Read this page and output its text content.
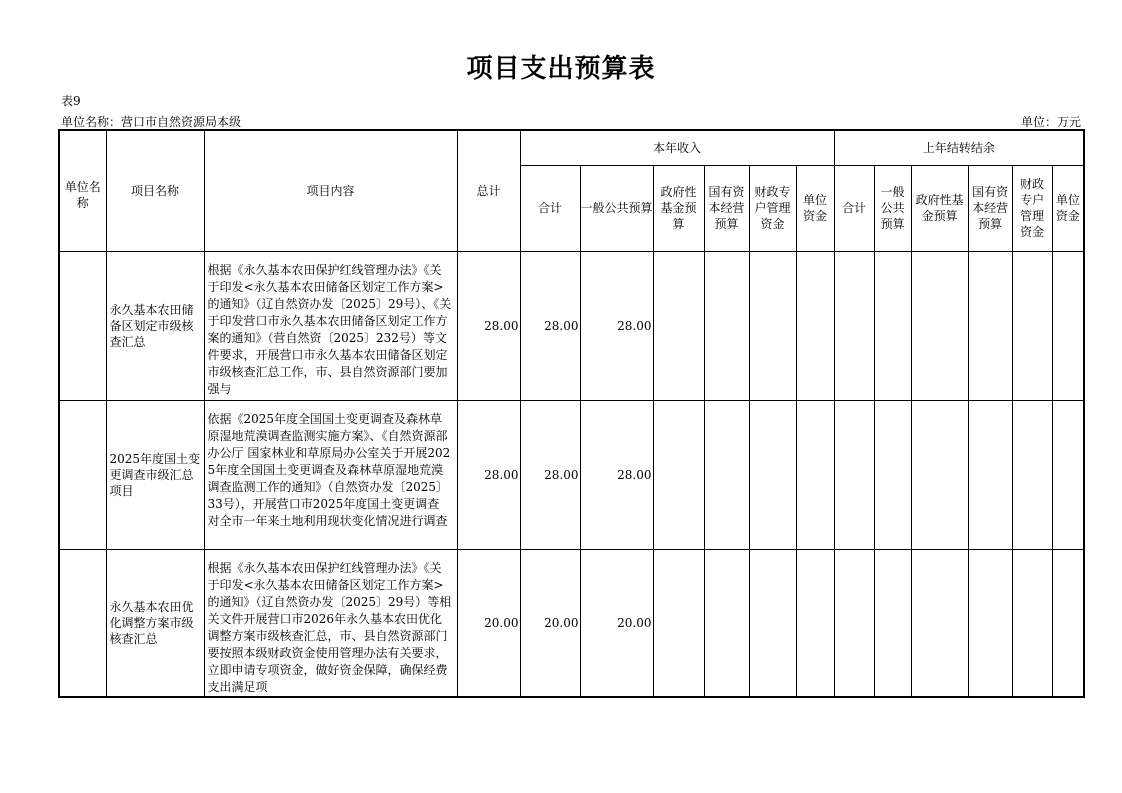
项目支出预算表
表9
单位名称：营口市自然资源局本级	单位：万元
单位名称	项目名称	项目内容	总计	本年收入						上年结转结余					
				合计	一般公共预算	政府性基金预算	国有资本经营预算	财政专户管理资金	单位资金	合计	一般公共预算	政府性基金预算	国有资本经营预算	财政专户管理资金	单位资金
	永久基本农田储备区划定市级核查汇总	根据《永久基本农田保护红线管理办法》《关于印发<永久基本农田储备区划定工作方案>的通知》（辽自然资办发〔2025〕29号）、《关于印发营口市永久基本农田储备区划定工作方案的通知》（营自然资〔2025〕232号）等文件要求，开展营口市永久基本农田储备区划定市级核查汇总工作，市、县自然资源部门要加强与	28.00	28.00	28.00										
	2025年度国土变更调查市级汇总项目	依据《2025年度全国国土变更调查及森林草原湿地荒漠调查监测实施方案》、《自然资源部办公厅 国家林业和草原局办公室关于开展2025年度全国国土变更调查及森林草原湿地荒漠调查监测工作的通知》（自然资办发〔2025〕33号），开展营口市2025年度国土变更调查 对全市一年来土地利用现状变化情况进行调查	28.00	28.00	28.00										
	永久基本农田优化调整方案市级核查汇总	根据《永久基本农田保护红线管理办法》《关于印发<永久基本农田储备区划定工作方案>的通知》（辽自然资办发〔2025〕29号）等相关文件开展营口市2026年永久基本农田优化调整方案市级核查汇总，市、县自然资源部门要按照本级财政资金使用管理办法有关要求，立即申请专项资金，做好资金保障，确保经费支出满足项	20.00	20.00	20.00										
